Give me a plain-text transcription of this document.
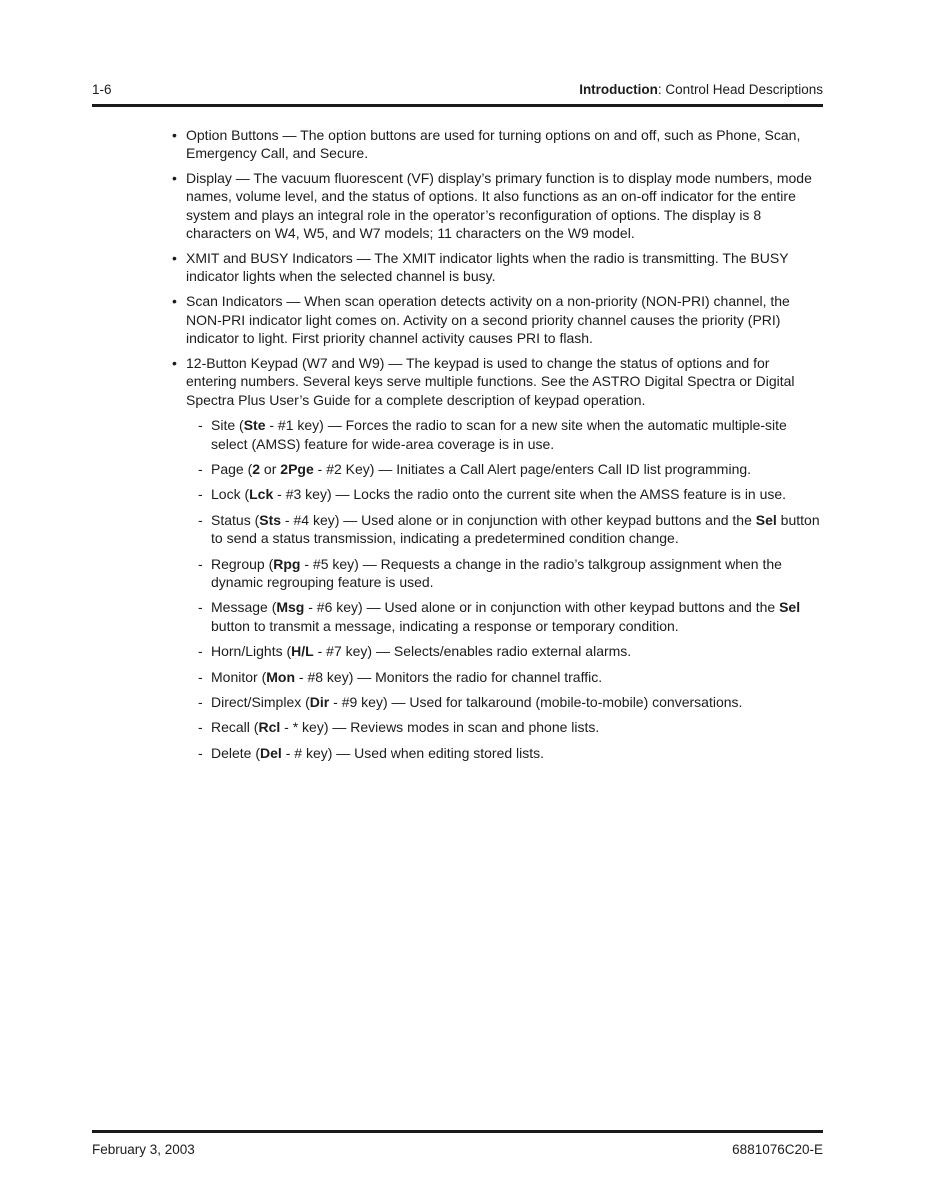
1-6	Introduction: Control Head Descriptions
• Option Buttons — The option buttons are used for turning options on and off, such as Phone, Scan, Emergency Call, and Secure.
• Display — The vacuum fluorescent (VF) display’s primary function is to display mode numbers, mode names, volume level, and the status of options. It also functions as an on-off indicator for the entire system and plays an integral role in the operator’s reconfiguration of options. The display is 8 characters on W4, W5, and W7 models; 11 characters on the W9 model.
• XMIT and BUSY Indicators — The XMIT indicator lights when the radio is transmitting. The BUSY indicator lights when the selected channel is busy.
• Scan Indicators — When scan operation detects activity on a non-priority (NON-PRI) channel, the NON-PRI indicator light comes on. Activity on a second priority channel causes the priority (PRI) indicator to light. First priority channel activity causes PRI to flash.
• 12-Button Keypad (W7 and W9) — The keypad is used to change the status of options and for entering numbers. Several keys serve multiple functions. See the ASTRO Digital Spectra or Digital Spectra Plus User’s Guide for a complete description of keypad operation.
- Site (Ste - #1 key) — Forces the radio to scan for a new site when the automatic multiple-site select (AMSS) feature for wide-area coverage is in use.
- Page (2 or 2Pge - #2 Key) — Initiates a Call Alert page/enters Call ID list programming.
- Lock (Lck - #3 key) — Locks the radio onto the current site when the AMSS feature is in use.
- Status (Sts - #4 key) — Used alone or in conjunction with other keypad buttons and the Sel button to send a status transmission, indicating a predetermined condition change.
- Regroup (Rpg - #5 key) — Requests a change in the radio’s talkgroup assignment when the dynamic regrouping feature is used.
- Message (Msg - #6 key) — Used alone or in conjunction with other keypad buttons and the Sel button to transmit a message, indicating a response or temporary condition.
- Horn/Lights (H/L - #7 key) — Selects/enables radio external alarms.
- Monitor (Mon - #8 key) — Monitors the radio for channel traffic.
- Direct/Simplex (Dir - #9 key) — Used for talkaround (mobile-to-mobile) conversations.
- Recall (Rcl - * key) — Reviews modes in scan and phone lists.
- Delete (Del - # key) — Used when editing stored lists.
February 3, 2003	6881076C20-E
